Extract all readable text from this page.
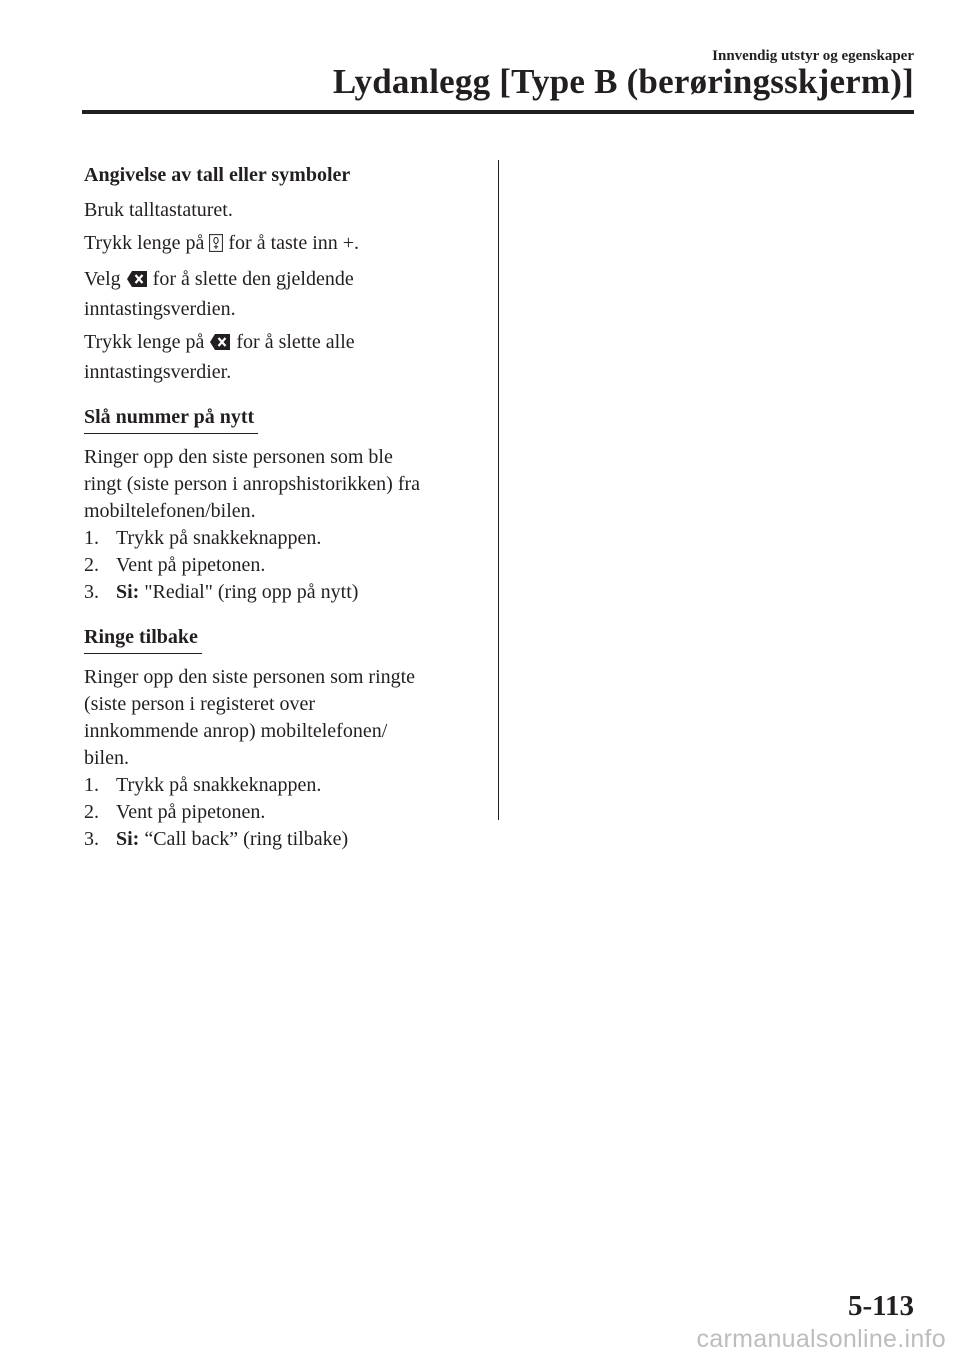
Innvendig utstyr og egenskaper
Lydanlegg [Type B (berøringsskjerm)]
Angivelse av tall eller symboler

Bruk talltastaturet.

Trykk lenge på  for å taste inn +.

Velg  for å slette den gjeldende
inntastingsverdien.

Trykk lenge på  for å slette alle
inntastingsverdier.

Slå nummer på nytt

Ringer opp den siste personen som ble
ringt (siste person i anropshistorikken) fra
mobiltelefonen/bilen.

1. Trykk på snakkeknappen.
2. Vent på pipetonen.
3. Si: "Redial" (ring opp på nytt)
Ringe tilbake

Ringer opp den siste personen som ringte
(siste person i registeret over
innkommende anrop) mobiltelefonen/
bilen.

1. Trykk på snakkeknappen.
2. Vent på pipetonen.
3. Si: “Call back” (ring tilbake)
5-113
carmanualsonline.info
